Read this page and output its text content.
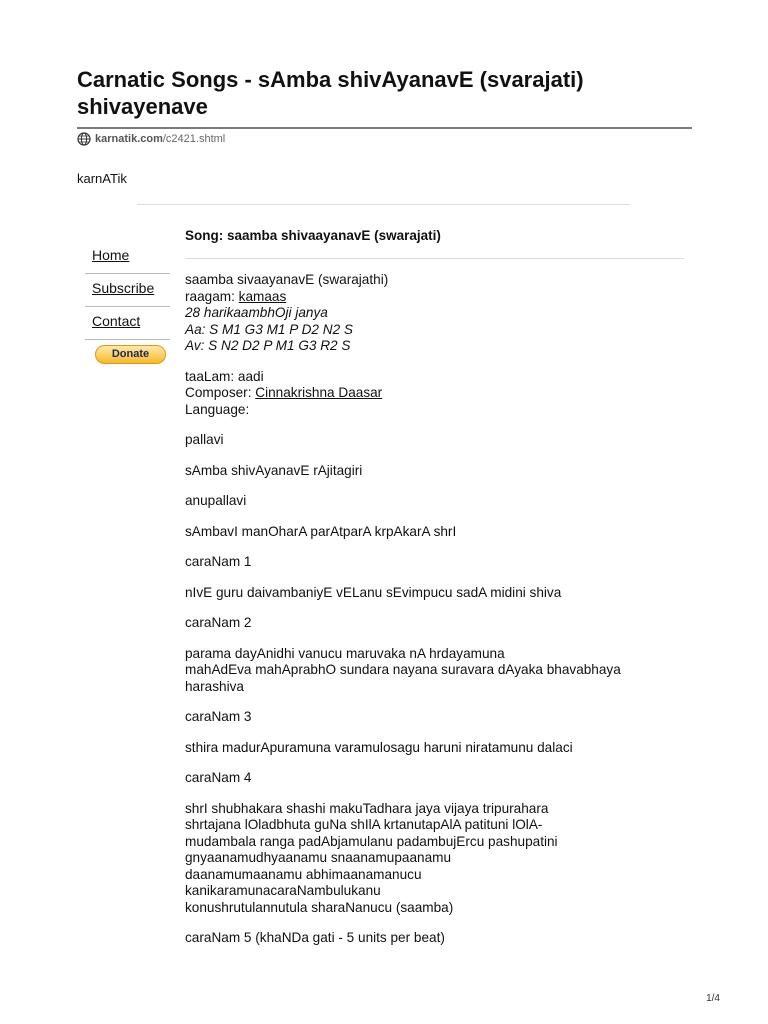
Carnatic Songs - sAmba shivAyanavE (svarajati) shivayenave
karnatik.com /c2421.shtml
karnATik
Song: saamba shivaayanavE (swarajati)
Home
Subscribe
Contact
Donate

saamba sivaayanavE (swarajathi)

raagam: kamaas

28 harikaambhOji janya

Aa: S M1 G3 M1 P D2 N2 S

Av: S N2 D2 P M1 G3 R2 S

taaLam: aadi

Composer: Cinnakrishna Daasar

Language:

pallavi

sAmba shivAyanavE rAjitagiri

anupallavi

sAmbavI manOharA parAtparA krpAkarA shrI

caraNam 1

nIvE guru daivambaniyE vELanu sEvimpucu sadA midini shiva

caraNam 2

parama dayAnidhi vanucu maruvaka nA hrdayamuna

mahAdEva mahAprabhO sundara nayana suravara dAyaka bhavabhaya

harashiva

caraNam 3

sthira madurApuramuna varamulosagu haruni niratamunu dalaci

caraNam 4

shrI shubhakara shashi makuTadhara jaya vijaya tripurahara

shrtajana lOladbhuta guNa shIlA krtanutapAlA patituni lOlA-

mudambala ranga padAbjamulanu padambujErcu pashupatini

gnyaanamudhyaanamu snaanamupaanamu

daanamumaanamu abhimaanamanucu

kanikaramunacaraNambulukanu

konushrutulannutula sharaNanucu (saamba)

caraNam 5 (khaNDa gati - 5 units per beat)

1/4
